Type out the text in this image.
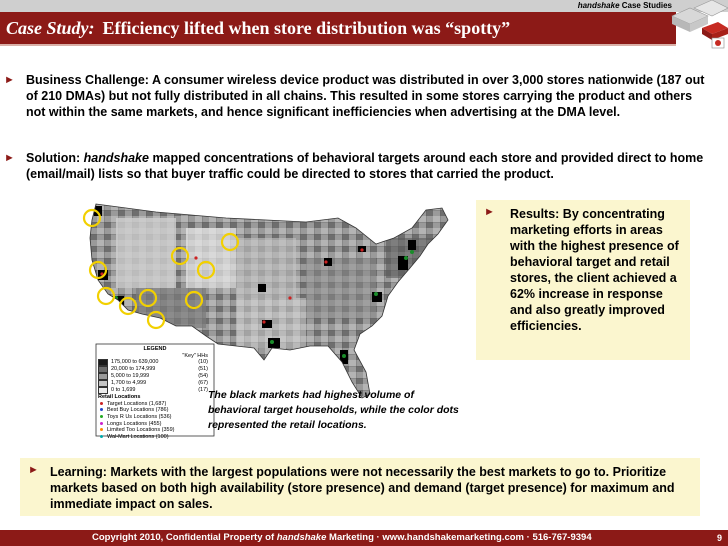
handshake Case Studies
Case Study: Efficiency lifted when store distribution was “spotty”
► Business Challenge: A consumer wireless device product was distributed in over 3,000 stores nationwide (187 out of 210 DMAs) but not fully distributed in all chains. This resulted in some stores carrying the product and others not within the same markets, and hence significant inefficiencies when advertising at the DMA level.
► Solution: handshake mapped concentrations of behavioral targets around each store and provided direct to home (email/mail) lists so that buyer traffic could be directed to stores that carried the product.
LEGEND
"Key" HHs
175,000 to 639,000	(10)
20,000 to 174,999	(51)
5,000 to 19,999	(54)
1,700 to 4,999	(67)
0 to 1,699	(17)
Retail Locations
Target Locations (1,687)
Best Buy Locations (786)
Toys R Us Locations (536)
Longs Locations (455)
Limited Too Locations (359)
Wal-Mart Locations (100)
► Results: By concentrating marketing efforts in areas with the highest presence of behavioral target and retail stores, the client achieved a 62% increase in response and also greatly improved efficiencies.
The black markets had highest volume of behavioral target households, while the color dots represented the retail locations.
► Learning: Markets with the largest populations were not necessarily the best markets to go to. Prioritize markets based on both high availability (store presence) and demand (target presence) for maximum and immediate impact on sales.
Copyright 2010, Confidential Property of handshake Marketing · www.handshakemarketing.com · 516-767-9394	9
